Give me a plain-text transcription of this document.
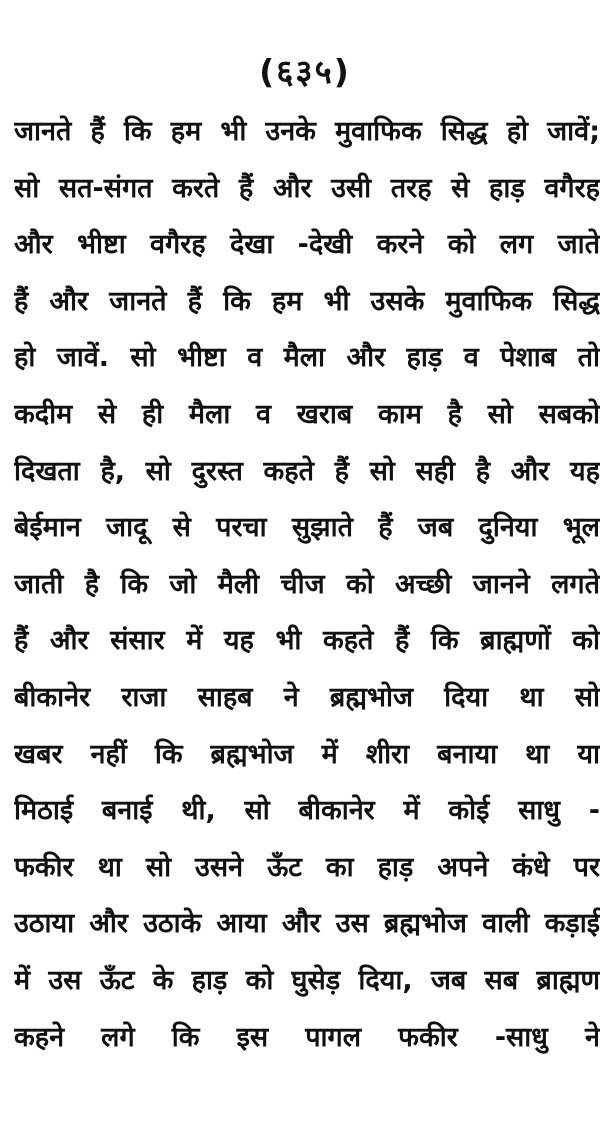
(६३५)
जानते हैं कि हम भी उनके मुवाफिक सिद्ध हो जावें;
सो सत-संगत करते हैं और उसी तरह से हाड़ वगैरह
और भीष्टा वगैरह देखा -देखी करने को लग जाते
हैं और जानते हैं कि हम भी उसके मुवाफिक सिद्ध
हो जावें. सो भीष्टा व मैला और हाड़ व पेशाब तो
कदीम से ही मैला व खराब काम है सो सबको
दिखता है, सो दुरस्त कहते हैं सो सही है और यह
बेईमान जादू से परचा सुझाते हैं जब दुनिया भूल
जाती है कि जो मैली चीज को अच्छी जानने लगते
हैं और संसार में यह भी कहते हैं कि ब्राह्मणों को
बीकानेर राजा साहब ने ब्रह्मभोज दिया था सो
खबर नहीं कि ब्रह्मभोज में शीरा बनाया था या
मिठाई बनाई थी, सो बीकानेर में कोई साधु -
फकीर था सो उसने ऊँट का हाड़ अपने कंधे पर
उठाया और उठाके आया और उस ब्रह्मभोज वाली कड़ाई
में उस ऊँट के हाड़ को घुसेड़ दिया, जब सब ब्राह्मण
कहने लगे कि इस पागल फकीर -साधु ने
